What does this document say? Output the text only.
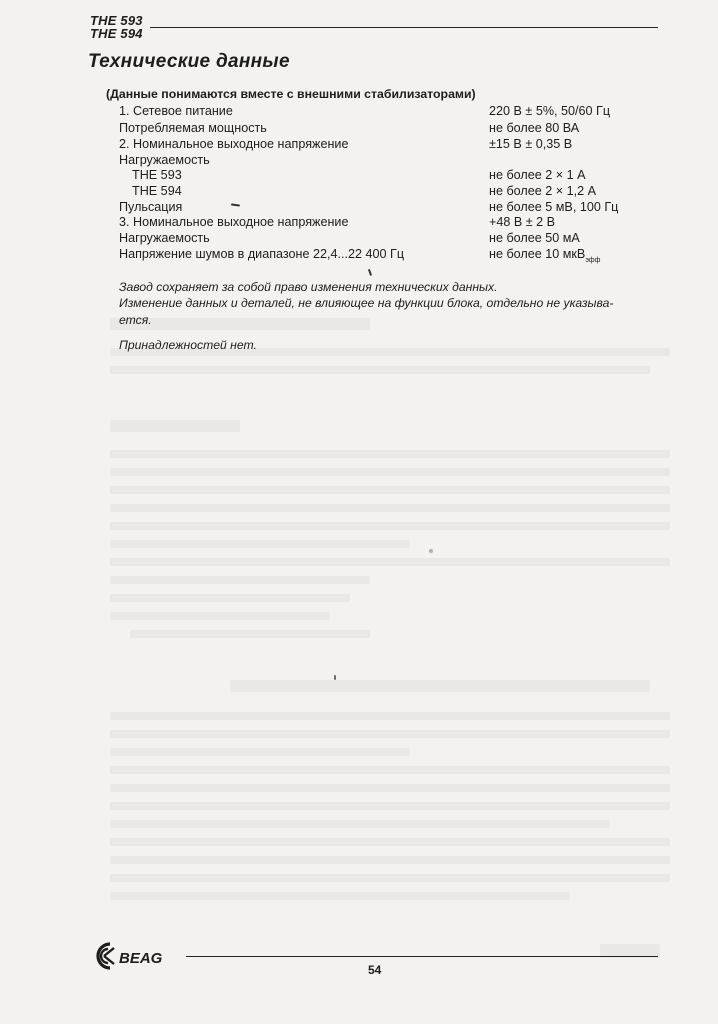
THE 593
THE 594
Технические данные
(Данные понимаются вместе с внешними стабилизаторами)
1. Сетевое питание	220 В ± 5%, 50/60 Гц
Потребляемая мощность	не более 80 ВА
2. Номинальное выходное напряжение	±15 В ± 0,35 В
Нагружаемость
THE 593	не более 2 × 1 А
THE 594	не более 2 × 1,2 А
Пульсация	не более 5 мВ, 100 Гц
3. Номинальное выходное напряжение	+48 В ± 2 В
Нагружаемость	не более 50 мА
Напряжение шумов в диапазоне 22,4...22 400 Гц	не более 10 мкВ$_{эфф}$
Завод сохраняет за собой право изменения технических данных.
Изменение данных и деталей, не влияющее на функции блока, отдельно не указыва-
ется.
Принадлежностей нет.
BEAG
54
